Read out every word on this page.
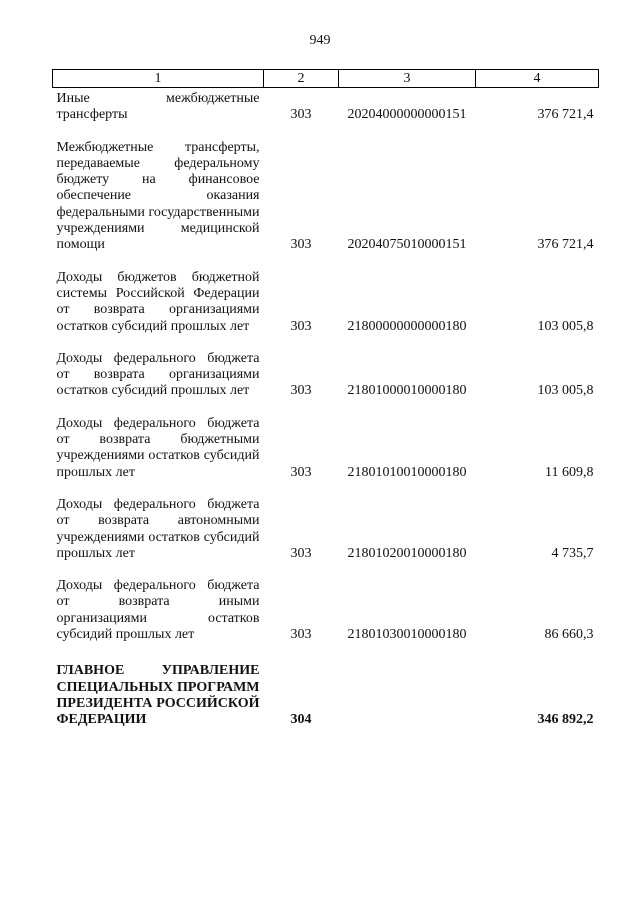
949
1	2	3	4
Иные межбюджетные трансферты	303	20204000000000151	376 721,4
Межбюджетные трансферты, передаваемые федеральному бюджету на финансовое обеспечение оказания федеральными государственными учреждениями медицинской помощи	303	20204075010000151	376 721,4
Доходы бюджетов бюджетной системы Российской Федерации от возврата организациями остатков субсидий прошлых лет	303	21800000000000180	103 005,8
Доходы федерального бюджета от возврата организациями остатков субсидий прошлых лет	303	21801000010000180	103 005,8
Доходы федерального бюджета от возврата бюджетными учреждениями остатков субсидий прошлых лет	303	21801010010000180	11 609,8
Доходы федерального бюджета от возврата автономными учреждениями остатков субсидий прошлых лет	303	21801020010000180	4 735,7
Доходы федерального бюджета от возврата иными организациями остатков субсидий прошлых лет	303	21801030010000180	86 660,3
ГЛАВНОЕ УПРАВЛЕНИЕ СПЕЦИАЛЬНЫХ ПРОГРАММ ПРЕЗИДЕНТА РОССИЙСКОЙ ФЕДЕРАЦИИ	304		346 892,2
